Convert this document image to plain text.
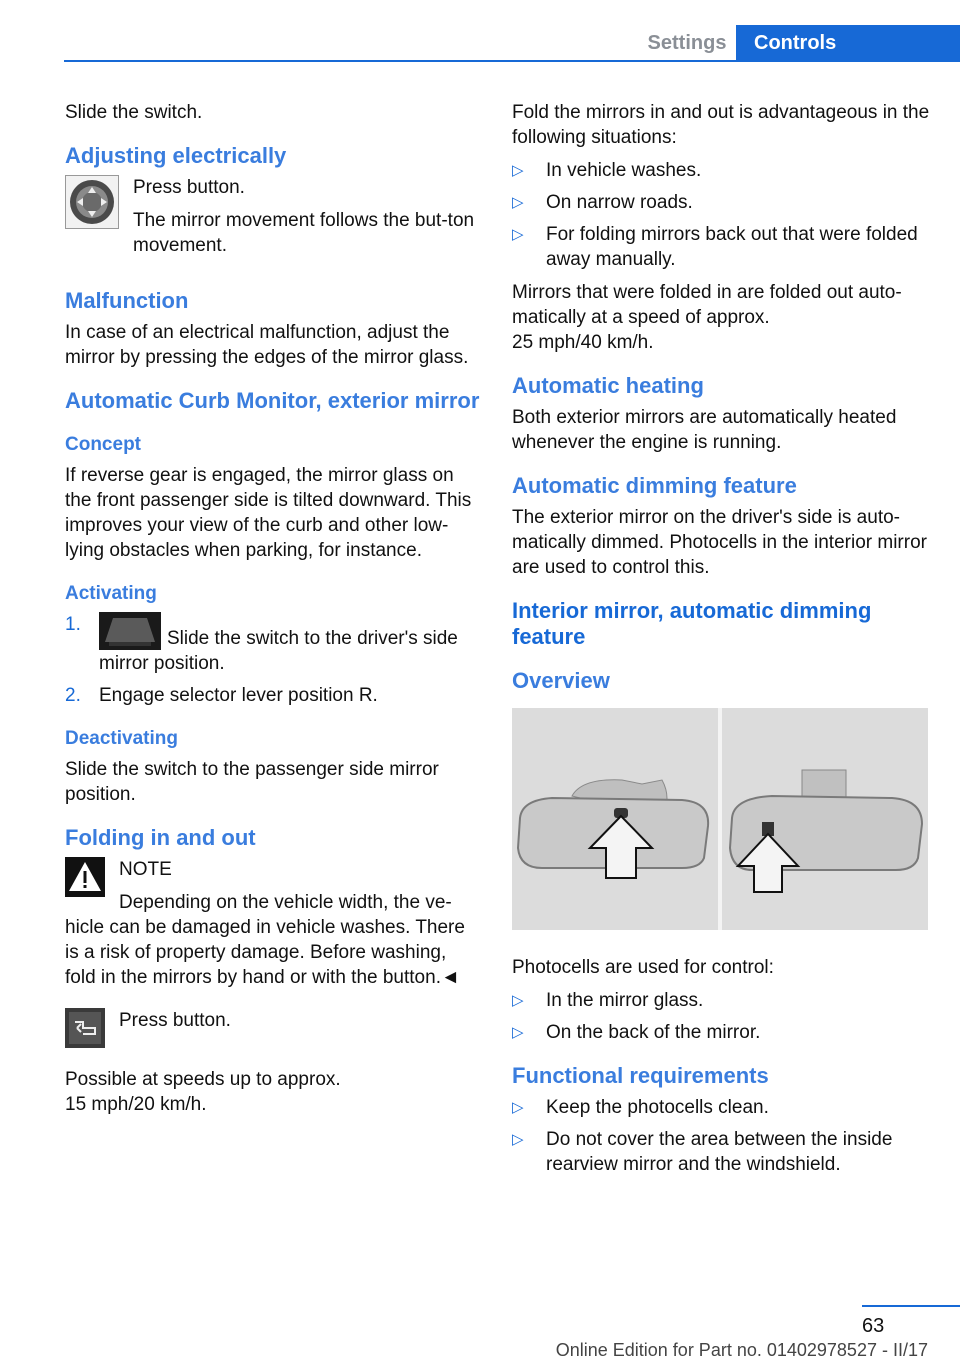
Settings	Controls

Slide the switch.

Adjusting electrically

Press button.

The mirror movement follows the but-ton movement.

Malfunction

In case of an electrical malfunction, adjust the mirror by pressing the edges of the mirror glass.

Automatic Curb Monitor, exterior mirror
Concept

If reverse gear is engaged, the mirror glass on the front passenger side is tilted downward. This improves your view of the curb and other low-lying obstacles when parking, for instance.

Activating
1.
Slide the switch to the driver's side mirror position.
2. Engage selector lever position R.
Deactivating

Slide the switch to the passenger side mirror position.

Folding in and out

NOTE

Depending on the vehicle width, the ve-hicle can be damaged in vehicle washes. There is a risk of property damage. Before washing, fold in the mirrors by hand or with the button.◄

Press button.

Possible at speeds up to approx.

15 mph/20 km/h.

Fold the mirrors in and out is advantageous in the following situations:

▷ In vehicle washes.
▷ On narrow roads.
▷ For folding mirrors back out that were folded away manually.

Mirrors that were folded in are folded out auto-matically at a speed of approx.

25 mph/40 km/h.

Automatic heating

Both exterior mirrors are automatically heated whenever the engine is running.

Automatic dimming feature

The exterior mirror on the driver's side is auto-matically dimmed. Photocells in the interior mirror are used to control this.

Interior mirror, automatic dimming feature
Overview

Photocells are used for control:

▷ In the mirror glass.
▷ On the back of the mirror.
Functional requirements
▷ Keep the photocells clean.
▷ Do not cover the area between the inside rearview mirror and the windshield.
63
Online Edition for Part no. 01402978527 - II/17
